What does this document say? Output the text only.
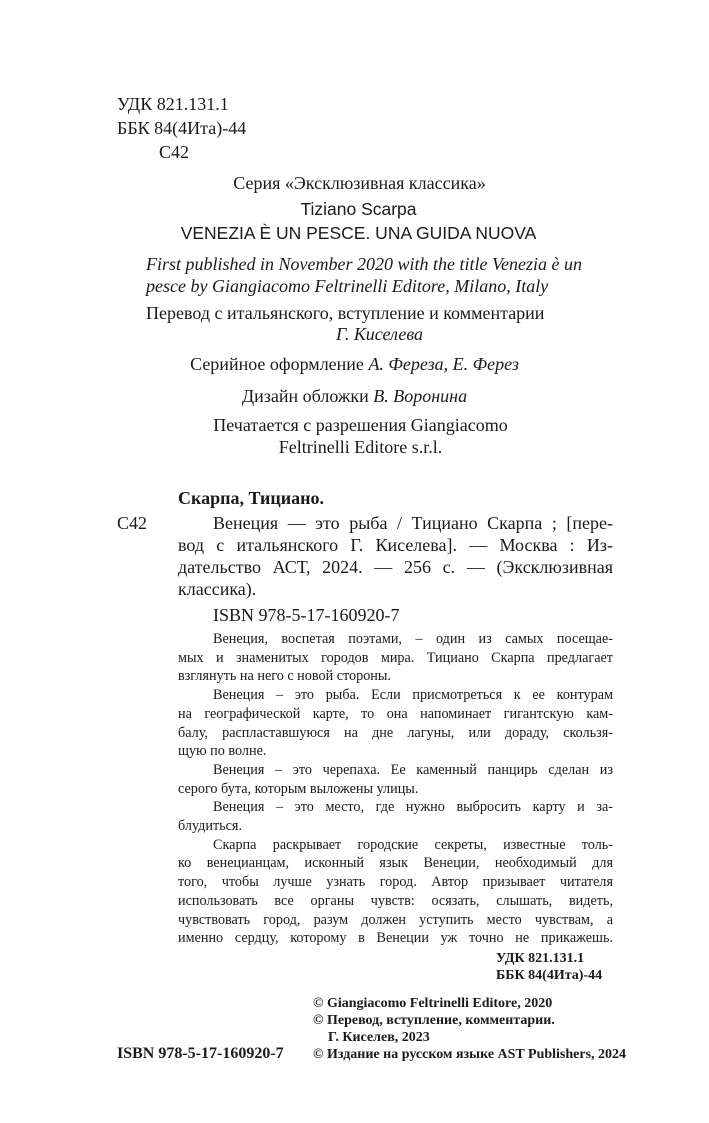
УДК 821.131.1
ББК 84(4Ита)-44
С42
Серия «Эксклюзивная классика»
Tiziano Scarpa
VENEZIA È UN PESCE. UNA GUIDA NUOVA
First published in November 2020 with the title Venezia è un
pesce by Giangiacomo Feltrinelli Editore, Milano, Italy
Перевод с итальянского, вступление и комментарии
Г. Киселева
Серийное оформление А. Фереза, Е. Ферез
Дизайн обложки В. Воронина
Печатается с разрешения Giangiacomo
Feltrinelli Editore s.r.l.
Скарпа, Тициано.
С42	Венеция — это рыба / Тициано Скарпа ; [пере-
вод с итальянского Г. Киселева]. — Москва : Из-
дательство АСТ, 2024. — 256 с. — (Эксклюзивная
классика).
ISBN 978-5-17-160920-7
Венеция, воспетая поэтами, – один из самых посещае-
мых и знаменитых городов мира. Тициано Скарпа предлагает
взглянуть на него с новой стороны.
Венеция – это рыба. Если присмотреться к ее контурам
на географической карте, то она напоминает гигантскую кам-
балу, распластавшуюся на дне лагуны, или дораду, скользя-
щую по волне.
Венеция – это черепаха. Ее каменный панцирь сделан из
серого бута, которым выложены улицы.
Венеция – это место, где нужно выбросить карту и за-
блудиться.
Скарпа раскрывает городские секреты, известные толь-
ко венецианцам, исконный язык Венеции, необходимый для
того, чтобы лучше узнать город. Автор призывает читателя
использовать все органы чувств: осязать, слышать, видеть,
чувствовать город, разум должен уступить место чувствам, а
именно сердцу, которому в Венеции уж точно не прикажешь.
УДК 821.131.1
ББК 84(4Ита)-44
© Giangiacomo Feltrinelli Editore, 2020
© Перевод, вступление, комментарии.
Г. Киселев, 2023
© Издание на русском языке AST Publishers, 2024
ISBN 978-5-17-160920-7
